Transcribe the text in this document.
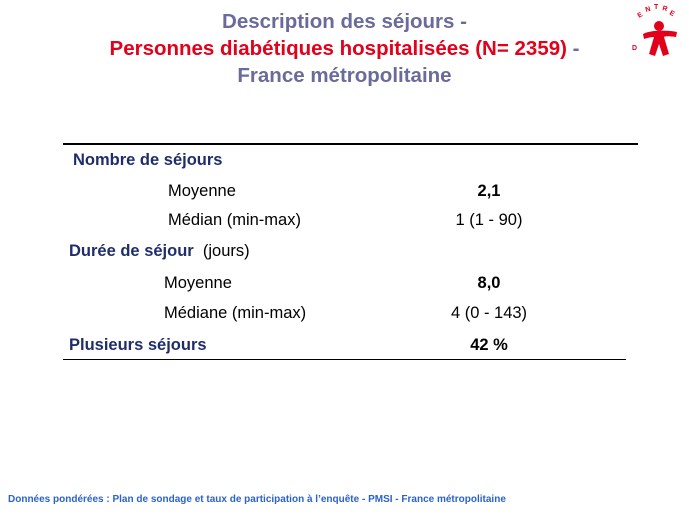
Description des séjours -
Personnes diabétiques hospitalisées (N= 2359) -
France métropolitaine
E
N T R
E
D
Nombre de séjours
Moyenne	2,1
Médian (min-max)	1 (1 - 90)
Durée de séjour (jours)
Moyenne	8,0
Médiane (min-max)	4 (0 - 143)
Plusieurs séjours	42 %
Données pondérées : Plan de sondage et taux de participation à l’enquête - PMSI - France métropolitaine
